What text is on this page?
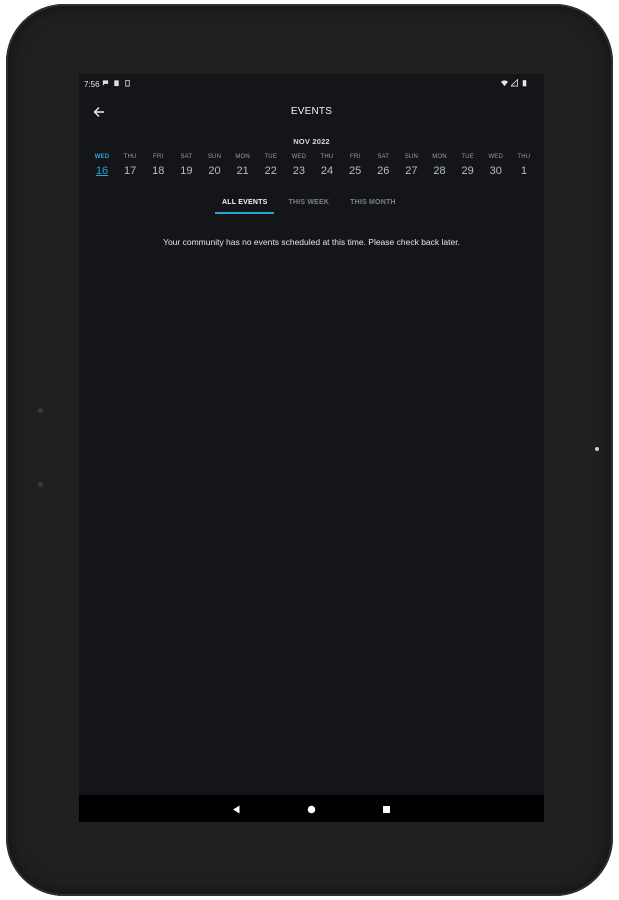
7:56
EVENTS
NOV 2022
WED
16
THU
17
FRI
18
SAT
19
SUN
20
MON
21
TUE
22
WED
23
THU
24
FRI
25
SAT
26
SUN
27
MON
28
TUE
29
WED
30
THU
1
ALL EVENTS	THIS WEEK	THIS MONTH
Your community has no events scheduled at this time. Please check back later.
